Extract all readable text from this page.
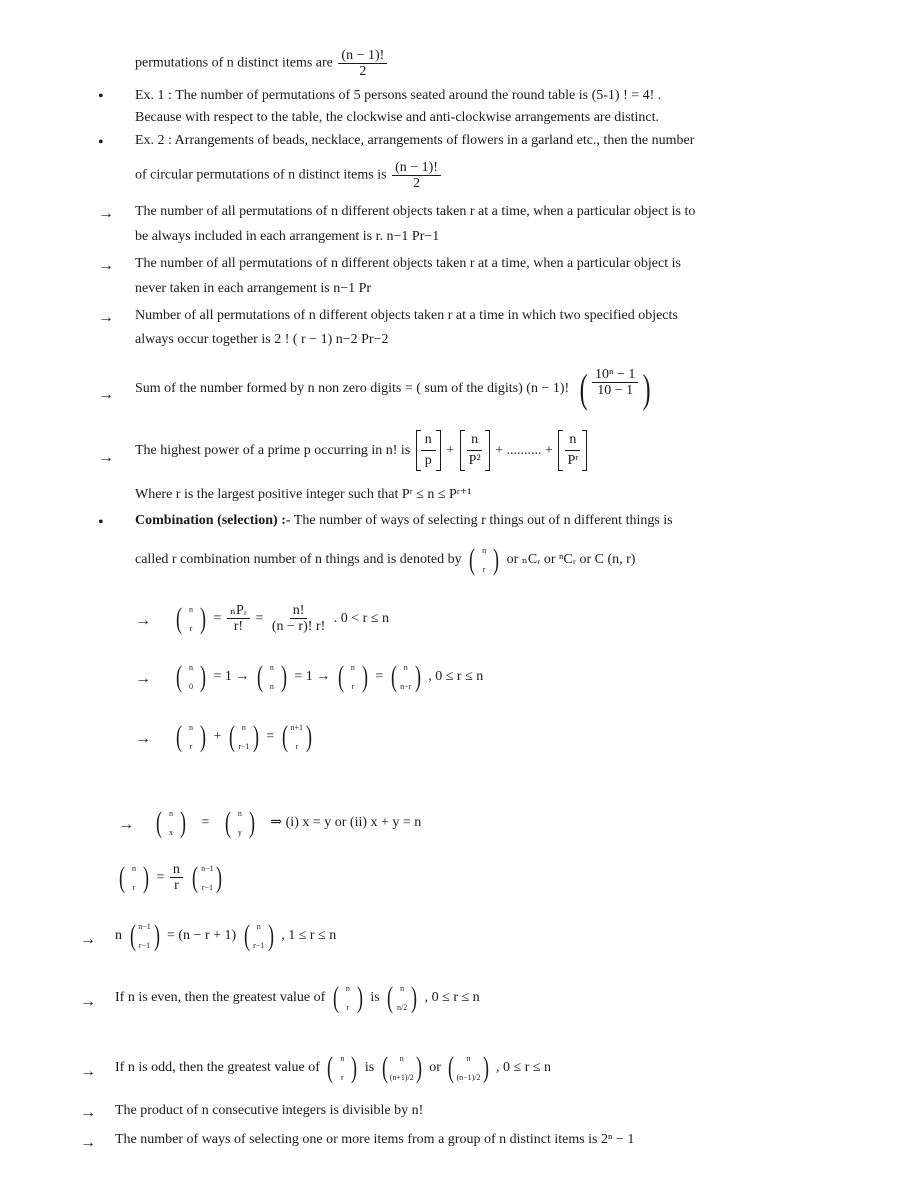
permutations of n distinct items are $\frac{(n - 1)!}{2}$
• Ex. 1 : The number of permutations of 5 persons seated around the round table is (5-1) ! = 4! .
Because with respect to the table, the clockwise and anti-clockwise arrangements are distinct.
• Ex. 2 : Arrangements of beads, necklace, arrangements of flowers in a garland etc., then the number
of circular permutations of n distinct items is $\frac{(n - 1)!}{2}$
→ The number of all permutations of n different objects taken r at a time, when a particular object is to
be always included in each arrangement is r. n−1 Pr−1
→ The number of all permutations of n different objects taken r at a time, when a particular object is
never taken in each arrangement is n−1 Pr
→ Number of all permutations of n different objects taken r at a time in which two specified objects
always occur together is 2 ! ( r − 1) n−2 Pr−2
→ Sum of the number formed by n non zero digits = ( sum of the digits) (n − 1)! ( $\frac{\text{10ⁿ − 1}}{10 - 1}$ )
→ The highest power of a prime p occurring in n! is $\frac{n}{p} + \frac{n}{\text{P²}}$ + .......... + $\frac{n}{\text{Pʳ}}$
Where r is the largest positive integer such that Pʳ ≤ n ≤ Pʳ⁺¹
• Combination (selection) :- The number of ways of selecting r things out of n different things is
called r combination number of n things and is denoted by ( n
r ) or ₙCᵣ or ⁿCᵣ or C (n, r)
→ ( n
r ) = $\frac{\text{ₙPᵣ}}{r!} = \frac{n!}{(n - r)! r!}$ . 0 < r ≤ n
→ ( n
0 ) = 1 → ( n
n ) = 1 → ( n
r ) = ( n
n−r ) , 0 ≤ r ≤ n
→ ( n
r ) + ( n
r−1 ) = ( n+1
r )
→ ( n
x ) = ( n
y ) ⇒ (i) x = y or (ii) x + y = n
( n
r ) = $\frac{n}{r}$
( n−1
r−1 )
→ n ( n−1
r−1 ) = (n − r + 1) ( n
r−1 ) , 1 ≤ r ≤ n
→ If n is even, then the greatest value of ( n
r ) is ( n
n/2 ) , 0 ≤ r ≤ n
→ If n is odd, then the greatest value of ( n
r ) is ( n
(n+1)/2 ) or ( n
(n−1)/2 ) , 0 ≤ r ≤ n
→ The product of n consecutive integers is divisible by n!
→ The number of ways of selecting one or more items from a group of n distinct items is 2ⁿ − 1
